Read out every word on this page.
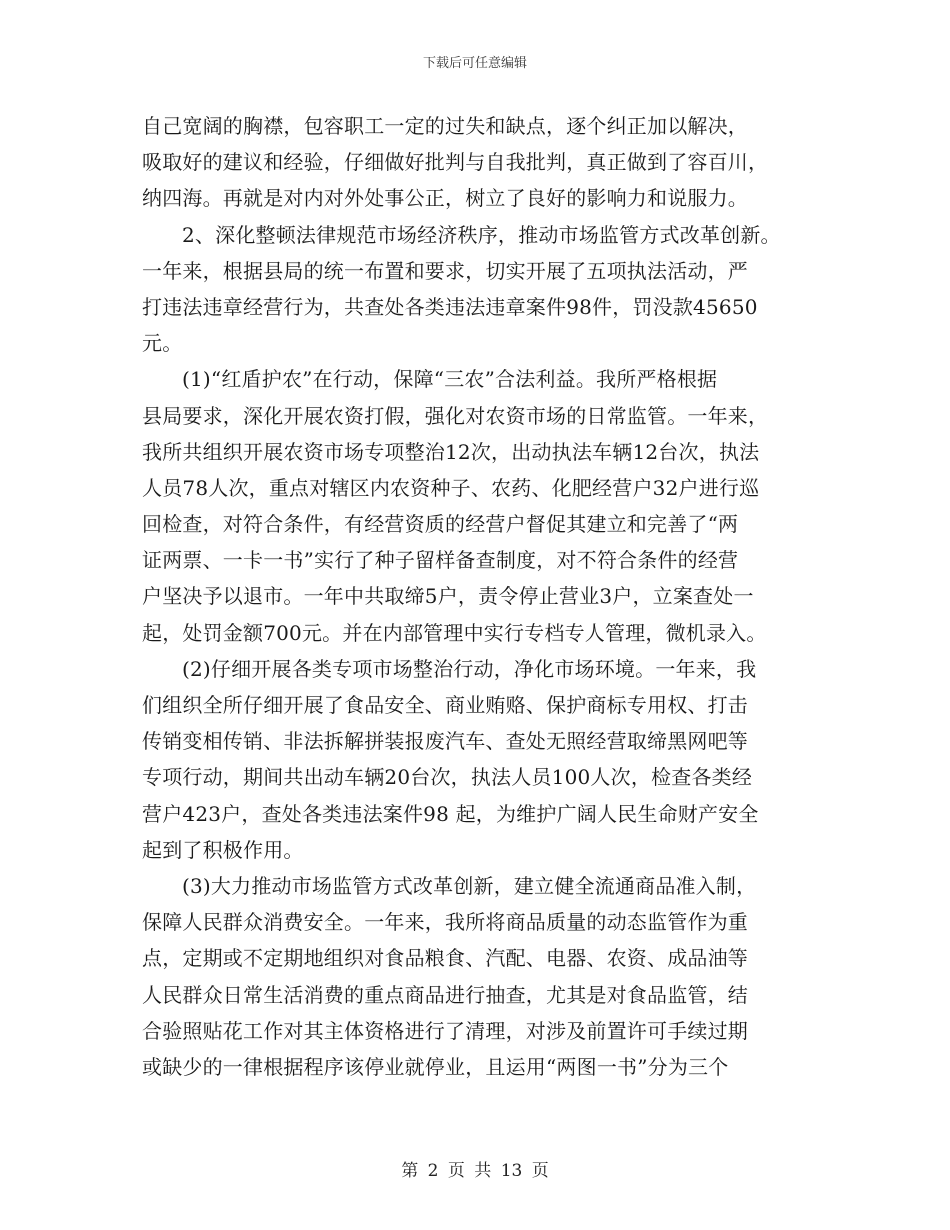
下载后可任意编辑
自己宽阔的胸襟，包容职工一定的过失和缺点，逐个纠正加以解决，
吸取好的建议和经验，仔细做好批判与自我批判，真正做到了容百川，
纳四海。再就是对内对外处事公正，树立了良好的影响力和说服力。
2、深化整顿法律规范市场经济秩序，推动市场监管方式改革创新。
一年来，根据县局的统一布置和要求，切实开展了五项执法活动，严
打违法违章经营行为，共查处各类违法违章案件98件，罚没款45650
元。
(1)“红盾护农”在行动，保障“三农”合法利益。我所严格根据
县局要求，深化开展农资打假，强化对农资市场的日常监管。一年来，
我所共组织开展农资市场专项整治12次，出动执法车辆12台次，执法
人员78人次，重点对辖区内农资种子、农药、化肥经营户32户进行巡
回检查，对符合条件，有经营资质的经营户督促其建立和完善了“两
证两票、一卡一书”实行了种子留样备查制度，对不符合条件的经营
户坚决予以退市。一年中共取缔5户，责令停止营业3户，立案查处一
起，处罚金额700元。并在内部管理中实行专档专人管理，微机录入。
(2)仔细开展各类专项市场整治行动，净化市场环境。一年来，我
们组织全所仔细开展了食品安全、商业贿赂、保护商标专用权、打击
传销变相传销、非法拆解拼装报废汽车、查处无照经营取缔黑网吧等
专项行动，期间共出动车辆20台次，执法人员100人次，检查各类经
营户423户，查处各类违法案件98 起，为维护广阔人民生命财产安全
起到了积极作用。
(3)大力推动市场监管方式改革创新，建立健全流通商品准入制，
保障人民群众消费安全。一年来，我所将商品质量的动态监管作为重
点，定期或不定期地组织对食品粮食、汽配、电器、农资、成品油等
人民群众日常生活消费的重点商品进行抽查，尤其是对食品监管，结
合验照贴花工作对其主体资格进行了清理，对涉及前置许可手续过期
或缺少的一律根据程序该停业就停业，且运用“两图一书”分为三个
第 2 页 共 13 页
